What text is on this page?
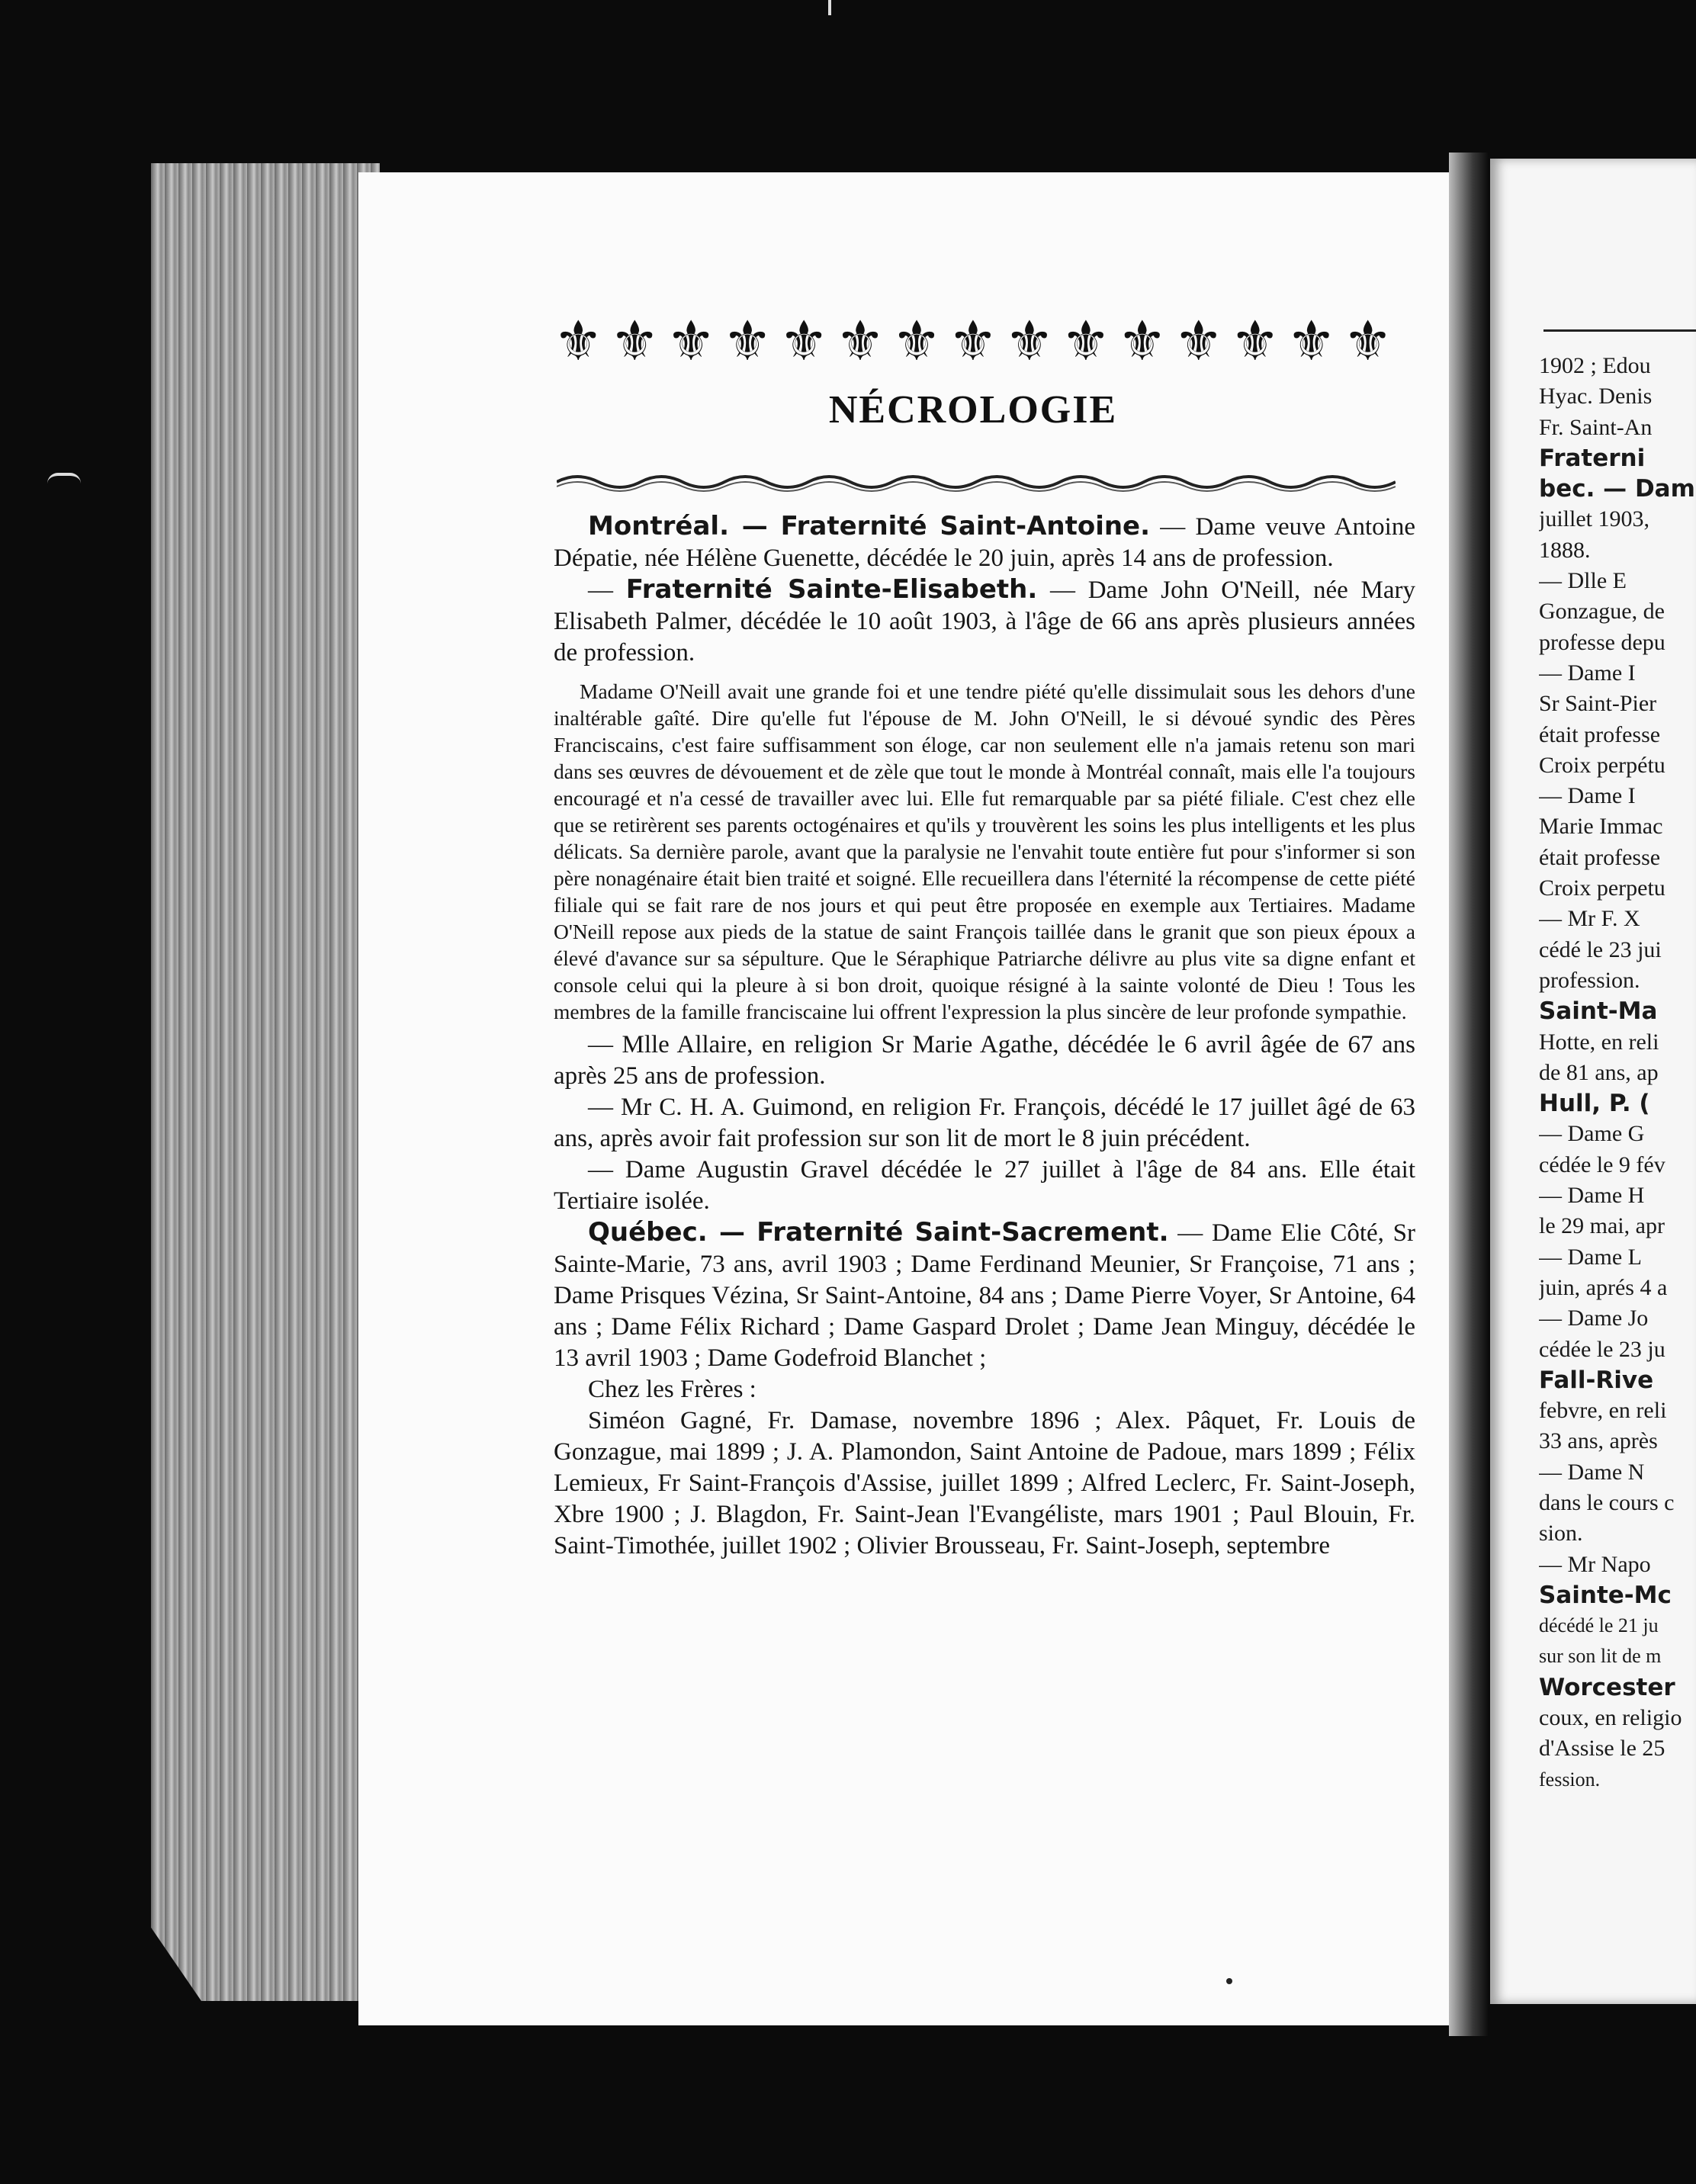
⚜ ⚜ ⚜ ⚜ ⚜ ⚜ ⚜ ⚜ ⚜ ⚜ ⚜ ⚜ ⚜ ⚜ ⚜
NÉCROLOGIE

Montréal. — Fraternité Saint-Antoine. — Dame veuve Antoine Dépatie, née Hélène Guenette, décédée le 20 juin, après 14 ans de profession.

— Fraternité Sainte-Elisabeth. — Dame John O'Neill, née Mary Elisabeth Palmer, décédée le 10 août 1903, à l'âge de 66 ans après plusieurs années de profession.

Madame O'Neill avait une grande foi et une tendre piété qu'elle dissimulait sous les dehors d'une inaltérable gaîté. Dire qu'elle fut l'épouse de M. John O'Neill, le si dévoué syndic des Pères Franciscains, c'est faire suffisamment son éloge, car non seulement elle n'a jamais retenu son mari dans ses œuvres de dévouement et de zèle que tout le monde à Montréal connaît, mais elle l'a toujours encouragé et n'a cessé de travailler avec lui. Elle fut remarquable par sa piété filiale. C'est chez elle que se retirèrent ses parents octogénaires et qu'ils y trouvèrent les soins les plus intelligents et les plus délicats. Sa dernière parole, avant que la paralysie ne l'envahit toute entière fut pour s'informer si son père nonagénaire était bien traité et soigné. Elle recueillera dans l'éternité la récompense de cette piété filiale qui se fait rare de nos jours et qui peut être proposée en exemple aux Tertiaires. Madame O'Neill repose aux pieds de la statue de saint François taillée dans le granit que son pieux époux a élevé d'avance sur sa sépulture. Que le Séraphique Patriarche délivre au plus vite sa digne enfant et console celui qui la pleure à si bon droit, quoique résigné à la sainte volonté de Dieu ! Tous les membres de la famille franciscaine lui offrent l'expression la plus sincère de leur profonde sympathie.

— Mlle Allaire, en religion Sr Marie Agathe, décédée le 6 avril âgée de 67 ans après 25 ans de profession.

— Mr C. H. A. Guimond, en religion Fr. François, décédé le 17 juillet âgé de 63 ans, après avoir fait profession sur son lit de mort le 8 juin précédent.

— Dame Augustin Gravel décédée le 27 juillet à l'âge de 84 ans. Elle était Tertiaire isolée.

Québec. — Fraternité Saint-Sacrement. — Dame Elie Côté, Sr Sainte-Marie, 73 ans, avril 1903 ; Dame Ferdinand Meunier, Sr Françoise, 71 ans ; Dame Prisques Vézina, Sr Saint-Antoine, 84 ans ; Dame Pierre Voyer, Sr Antoine, 64 ans ; Dame Félix Richard ; Dame Gaspard Drolet ; Dame Jean Minguy, décédée le 13 avril 1903 ; Dame Godefroid Blanchet ;

Chez les Frères :

Siméon Gagné, Fr. Damase, novembre 1896 ; Alex. Pâquet, Fr. Louis de Gonzague, mai 1899 ; J. A. Plamondon, Saint Antoine de Padoue, mars 1899 ; Félix Lemieux, Fr Saint-François d'Assise, juillet 1899 ; Alfred Leclerc, Fr. Saint-Joseph, Xbre 1900 ; J. Blagdon, Fr. Saint-Jean l'Evangéliste, mars 1901 ; Paul Blouin, Fr. Saint-Timothée, juillet 1902 ; Olivier Brousseau, Fr. Saint-Joseph, septembre

1902 ; Edou
Hyac. Denis
Fr. Saint-An
Fraterni
bec. — Dam
juillet 1903,
1888.
— Dlle E
Gonzague, de
professe depu
— Dame I
Sr Saint-Pier
était professe
Croix perpétu
— Dame I
Marie Immac
était professe
Croix perpetu
— Mr F. X
cédé le 23 jui
profession.
Saint-Ma
Hotte, en reli
de 81 ans, ap
Hull, P. (
— Dame G
cédée le 9 fév
— Dame H
le 29 mai, apr
— Dame L
juin, aprés 4 a
— Dame Jo
cédée le 23 ju
Fall-Rive
febvre, en reli
33 ans, après
— Dame N
dans le cours c
sion.
— Mr Napo
Sainte-Mc
décédé le 21 ju
sur son lit de m
Worcester
coux, en religio
d'Assise le 25
fession.
